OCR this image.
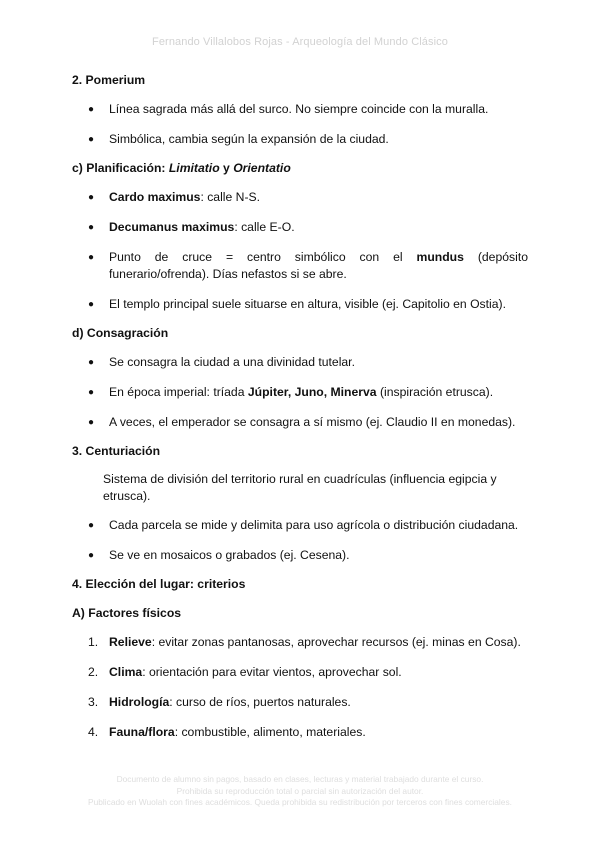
Fernando Villalobos Rojas - Arqueología del Mundo Clásico

2. Pomerium

● Línea sagrada más allá del surco. No siempre coincide con la muralla.
● Simbólica, cambia según la expansión de la ciudad.

c) Planificación: Limitatio y Orientatio

● Cardo maximus: calle N-S.
● Decumanus maximus: calle E-O.
● Punto de cruce = centro simbólico con el mundus (depósito funerario/ofrenda). Días nefastos si se abre.
● El templo principal suele situarse en altura, visible (ej. Capitolio en Ostia).

d) Consagración

● Se consagra la ciudad a una divinidad tutelar.
● En época imperial: tríada Júpiter, Juno, Minerva (inspiración etrusca).
● A veces, el emperador se consagra a sí mismo (ej. Claudio II en monedas).

3. Centuriación

Sistema de división del territorio rural en cuadrículas (influencia egipcia y etrusca).
● Cada parcela se mide y delimita para uso agrícola o distribución ciudadana.
● Se ve en mosaicos o grabados (ej. Cesena).

4. Elección del lugar: criterios

A) Factores físicos

1. Relieve: evitar zonas pantanosas, aprovechar recursos (ej. minas en Cosa).
2. Clima: orientación para evitar vientos, aprovechar sol.
3. Hidrología: curso de ríos, puertos naturales.
4. Fauna/flora: combustible, alimento, materiales.
Documento de alumno sin pagos, basado en clases, lecturas y material trabajado durante el curso.
Prohibida su reproducción total o parcial sin autorización del autor.
Publicado en Wuolah con fines académicos. Queda prohibida su redistribución por terceros con fines comerciales.
